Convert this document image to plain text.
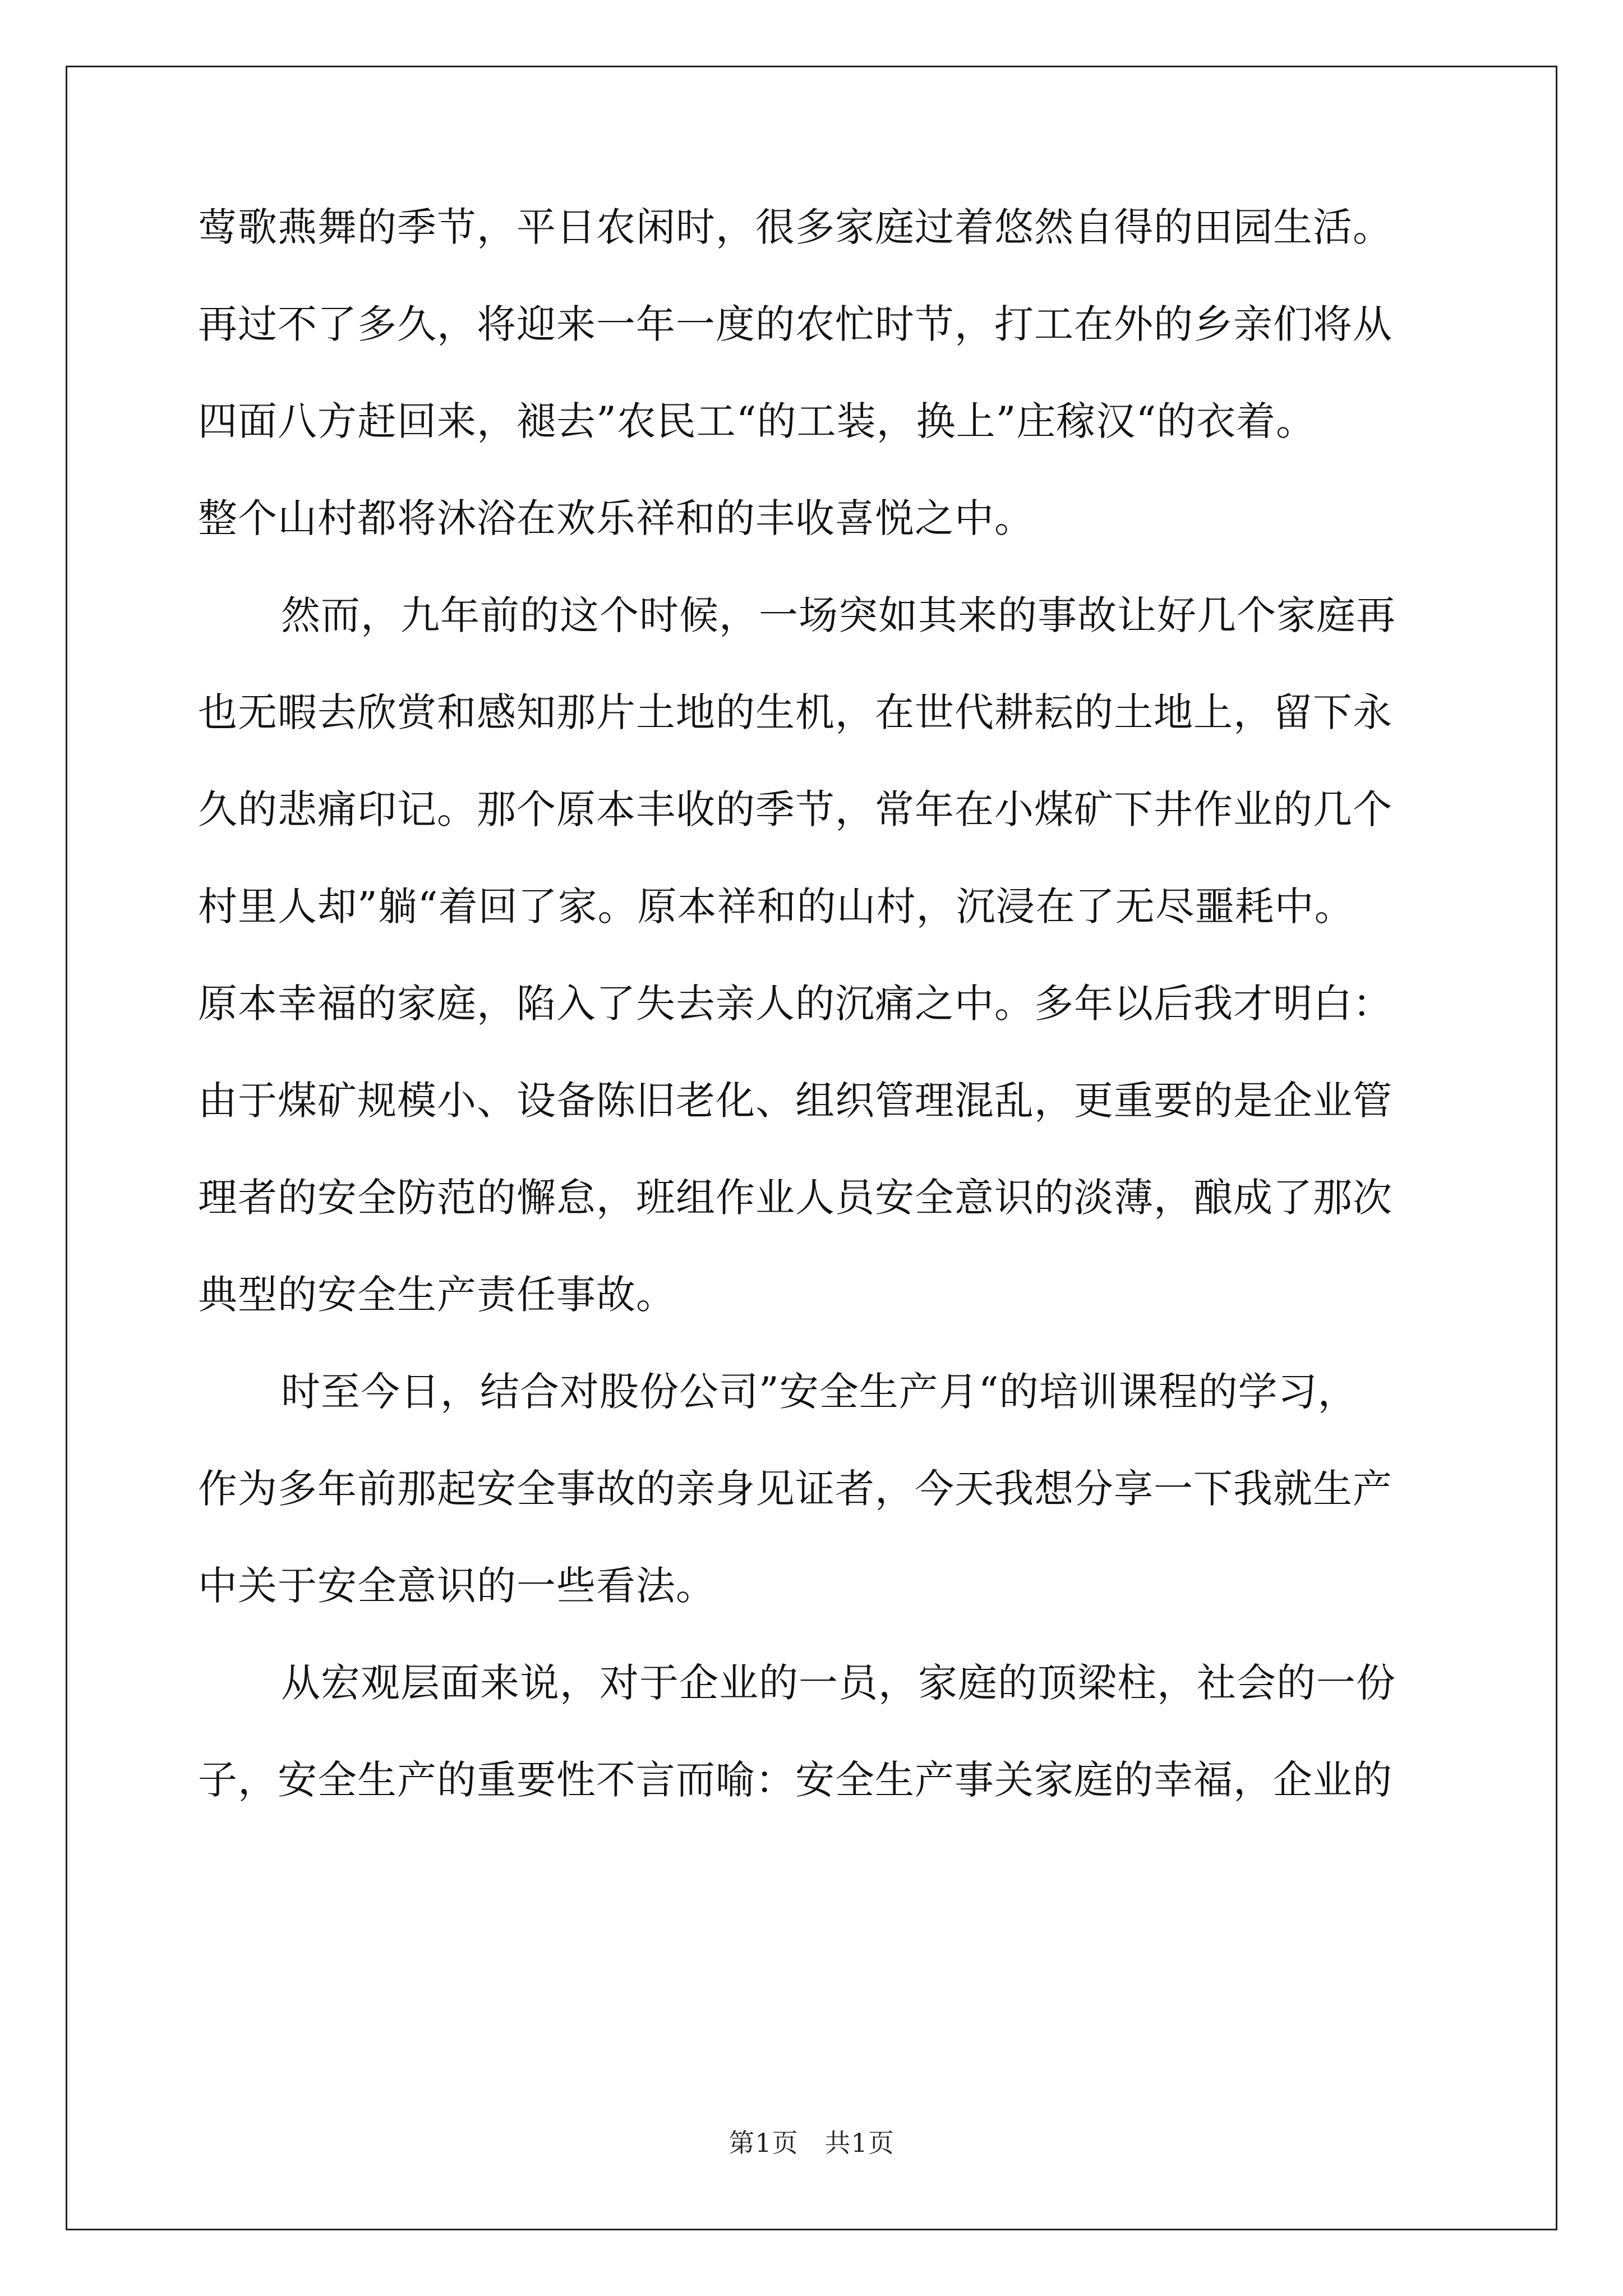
莺歌燕舞的季节，平日农闲时，很多家庭过着悠然自得的田园生活。
再过不了多久，将迎来一年一度的农忙时节，打工在外的乡亲们将从
四面八方赶回来，褪去”农民工“的工装，换上”庄稼汉“的衣着。
整个山村都将沐浴在欢乐祥和的丰收喜悦之中。
然而，九年前的这个时候，一场突如其来的事故让好几个家庭再
也无暇去欣赏和感知那片土地的生机，在世代耕耘的土地上，留下永
久的悲痛印记。那个原本丰收的季节，常年在小煤矿下井作业的几个
村里人却”躺“着回了家。原本祥和的山村，沉浸在了无尽噩耗中。
原本幸福的家庭，陷入了失去亲人的沉痛之中。多年以后我才明白：
由于煤矿规模小、设备陈旧老化、组织管理混乱，更重要的是企业管
理者的安全防范的懈怠，班组作业人员安全意识的淡薄，酿成了那次
典型的安全生产责任事故。
时至今日，结合对股份公司”安全生产月“的培训课程的学习，
作为多年前那起安全事故的亲身见证者，今天我想分享一下我就生产
中关于安全意识的一些看法。
从宏观层面来说，对于企业的一员，家庭的顶梁柱，社会的一份
子，安全生产的重要性不言而喻：安全生产事关家庭的幸福，企业的
第1页　共1页
